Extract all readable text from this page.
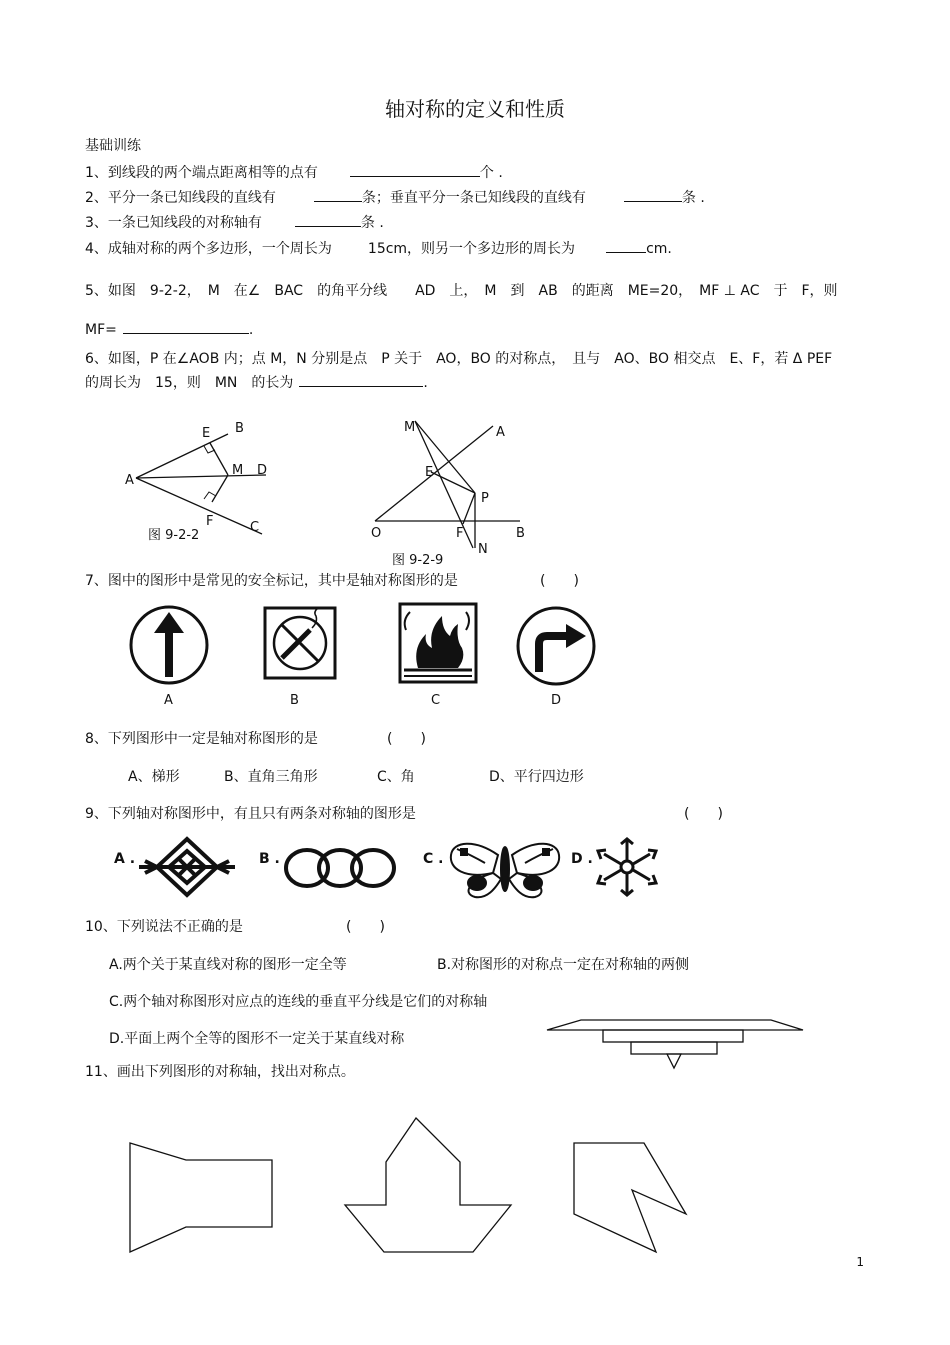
轴对称的定义和性质
基础训练
1、到线段的两个端点距离相等的点有	个 .
2、平分一条已知线段的直线有	条；垂直平分一条已知线段的直线有	条 .
3、一条已知线段的对称轴有	条 .
4、成轴对称的两个多边形，一个周长为	15cm，则另一个多边形的周长为	cm.
5、如图　9-2-2，　M　在∠　BAC　的角平分线　　AD　上，　M　到　AB　的距离　ME=20，　MF ⊥ AC　于　F，则
MF=	.
6、如图，P 在∠AOB 内；点 M，N 分别是点　P 关于　AO，BO 的对称点，　且与　AO、BO 相交点　E、F，若 Δ PEF
的周长为　15，则　MN　的长为	.
A
B
E
M D
F	C
图 9-2-2
M	A
E
P
O	F	B
N
图 9-2-9
7、图中的图形中是常见的安全标记，其中是轴对称图形的是	(　　)
A	B	C	D
8、下列图形中一定是轴对称图形的是	(　　)
A、梯形	B、直角三角形	C、角	D、平行四边形
9、下列轴对称图形中，有且只有两条对称轴的图形是	(　　)
A .	B .	C .	D .
10、下列说法不正确的是	(　　)
A.两个关于某直线对称的图形一定全等	B.对称图形的对称点一定在对称轴的两侧
C.两个轴对称图形对应点的连线的垂直平分线是它们的对称轴
D.平面上两个全等的图形不一定关于某直线对称
11、画出下列图形的对称轴，找出对称点。
1
